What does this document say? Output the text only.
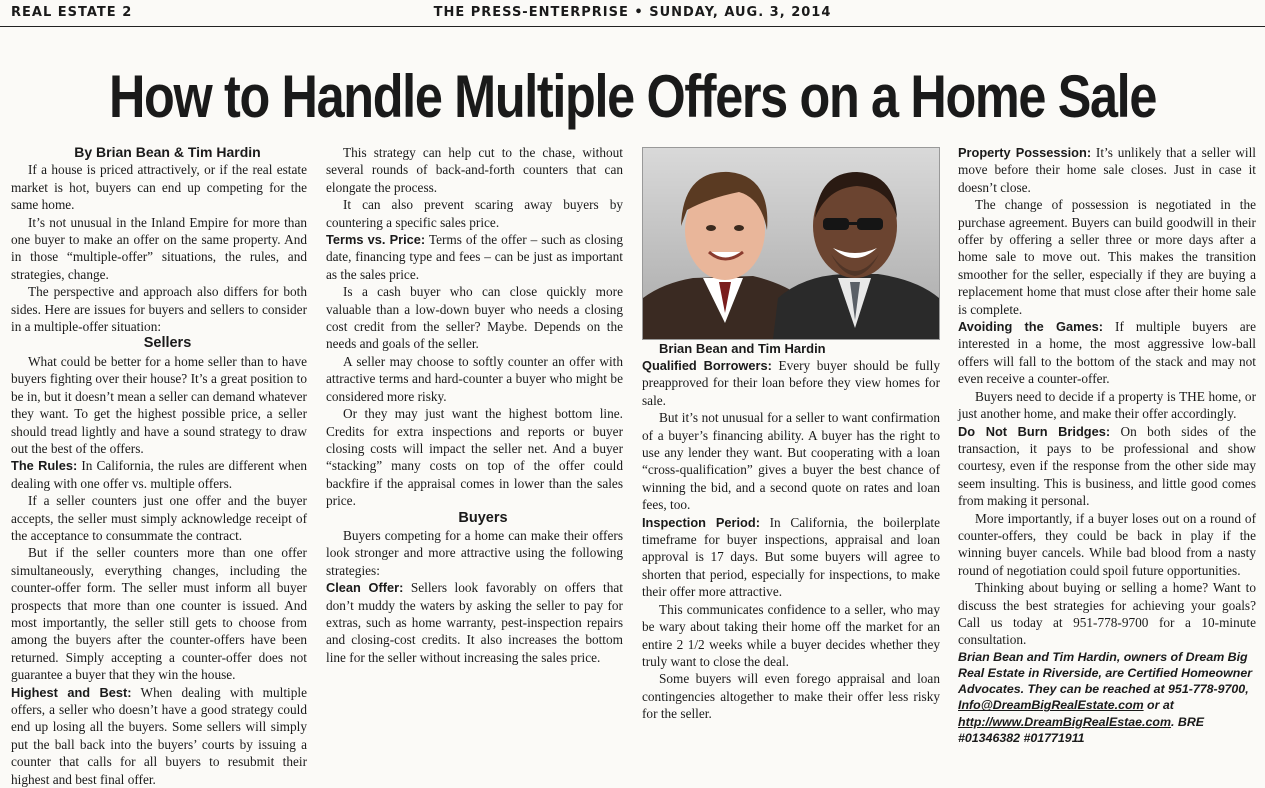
REAL ESTATE 2	THE PRESS-ENTERPRISE • SUNDAY, AUG. 3, 2014
How to Handle Multiple Offers on a Home Sale

By Brian Bean & Tim Hardin

If a house is priced attractively, or if the real estate market is hot, buyers can end up competing for the same home.

It’s not unusual in the Inland Empire for more than one buyer to make an offer on the same property. And in those “multiple-offer” situations, the rules, and strategies, change.

The perspective and approach also differs for both sides. Here are issues for buyers and sellers to consider in a multiple-offer situation:

Sellers

What could be better for a home seller than to have buyers fighting over their house? It’s a great position to be in, but it doesn’t mean a seller can demand whatever they want. To get the highest possible price, a seller should tread lightly and have a sound strategy to draw out the best of the offers.

The Rules: In California, the rules are different when dealing with one offer vs. multiple offers.

If a seller counters just one offer and the buyer accepts, the seller must simply acknowledge receipt of the acceptance to consummate the contract.

But if the seller counters more than one offer simultaneously, everything changes, including the counter-offer form. The seller must inform all buyer prospects that more than one counter is issued. And most importantly, the seller still gets to choose from among the buyers after the counter-offers have been returned. Simply accepting a counter-offer does not guarantee a buyer that they win the house.

Highest and Best: When dealing with multiple offers, a seller who doesn’t have a good strategy could end up losing all the buyers. Some sellers will simply put the ball back into the buyers’ courts by issuing a counter that calls for all buyers to resubmit their highest and best final offer.

This strategy can help cut to the chase, without several rounds of back-and-forth counters that can elongate the process.

It can also prevent scaring away buyers by countering a specific sales price.

Terms vs. Price: Terms of the offer – such as closing date, financing type and fees – can be just as important as the sales price.

Is a cash buyer who can close quickly more valuable than a low-down buyer who needs a closing cost credit from the seller? Maybe. Depends on the needs and goals of the seller.

A seller may choose to softly counter an offer with attractive terms and hard-counter a buyer who might be considered more risky.

Or they may just want the highest bottom line. Credits for extra inspections and reports or buyer closing costs will impact the seller net. And a buyer “stacking” many costs on top of the offer could backfire if the appraisal comes in lower than the sales price.

Buyers

Buyers competing for a home can make their offers look stronger and more attractive using the following strategies:

Clean Offer: Sellers look favorably on offers that don’t muddy the waters by asking the seller to pay for extras, such as home warranty, pest-inspection repairs and closing-cost credits. It also increases the bottom line for the seller without increasing the sales price.

Brian Bean and Tim Hardin

Qualified Borrowers: Every buyer should be fully preapproved for their loan before they view homes for sale.

But it’s not unusual for a seller to want confirmation of a buyer’s financing ability. A buyer has the right to use any lender they want. But cooperating with a loan “cross-qualification” gives a buyer the best chance of winning the bid, and a second quote on rates and loan fees, too.

Inspection Period: In California, the boilerplate timeframe for buyer inspections, appraisal and loan approval is 17 days. But some buyers will agree to shorten that period, especially for inspections, to make their offer more attractive.

This communicates confidence to a seller, who may be wary about taking their home off the market for an entire 2 1/2 weeks while a buyer decides whether they truly want to close the deal.

Some buyers will even forego appraisal and loan contingencies altogether to make their offer less risky for the seller.

Property Possession: It’s unlikely that a seller will move before their home sale closes. Just in case it doesn’t close.

The change of possession is negotiated in the purchase agreement. Buyers can build goodwill in their offer by offering a seller three or more days after a home sale to move out. This makes the transition smoother for the seller, especially if they are buying a replacement home that must close after their home sale is complete.

Avoiding the Games: If multiple buyers are interested in a home, the most aggressive low-ball offers will fall to the bottom of the stack and may not even receive a counter-offer.

Buyers need to decide if a property is THE home, or just another home, and make their offer accordingly.

Do Not Burn Bridges: On both sides of the transaction, it pays to be professional and show courtesy, even if the response from the other side may seem insulting. This is business, and little good comes from making it personal.

More importantly, if a buyer loses out on a round of counter-offers, they could be back in play if the winning buyer cancels. While bad blood from a nasty round of negotiation could spoil future opportunities.

Thinking about buying or selling a home? Want to discuss the best strategies for achieving your goals? Call us today at 951-778-9700 for a 10-minute consultation.

Brian Bean and Tim Hardin, owners of Dream Big Real Estate in Riverside, are Certified Homeowner Advocates. They can be reached at 951-778-9700, Info@DreamBigRealEstate.com or at http://www.DreamBigRealEstae.com. BRE #01346382 #01771911
